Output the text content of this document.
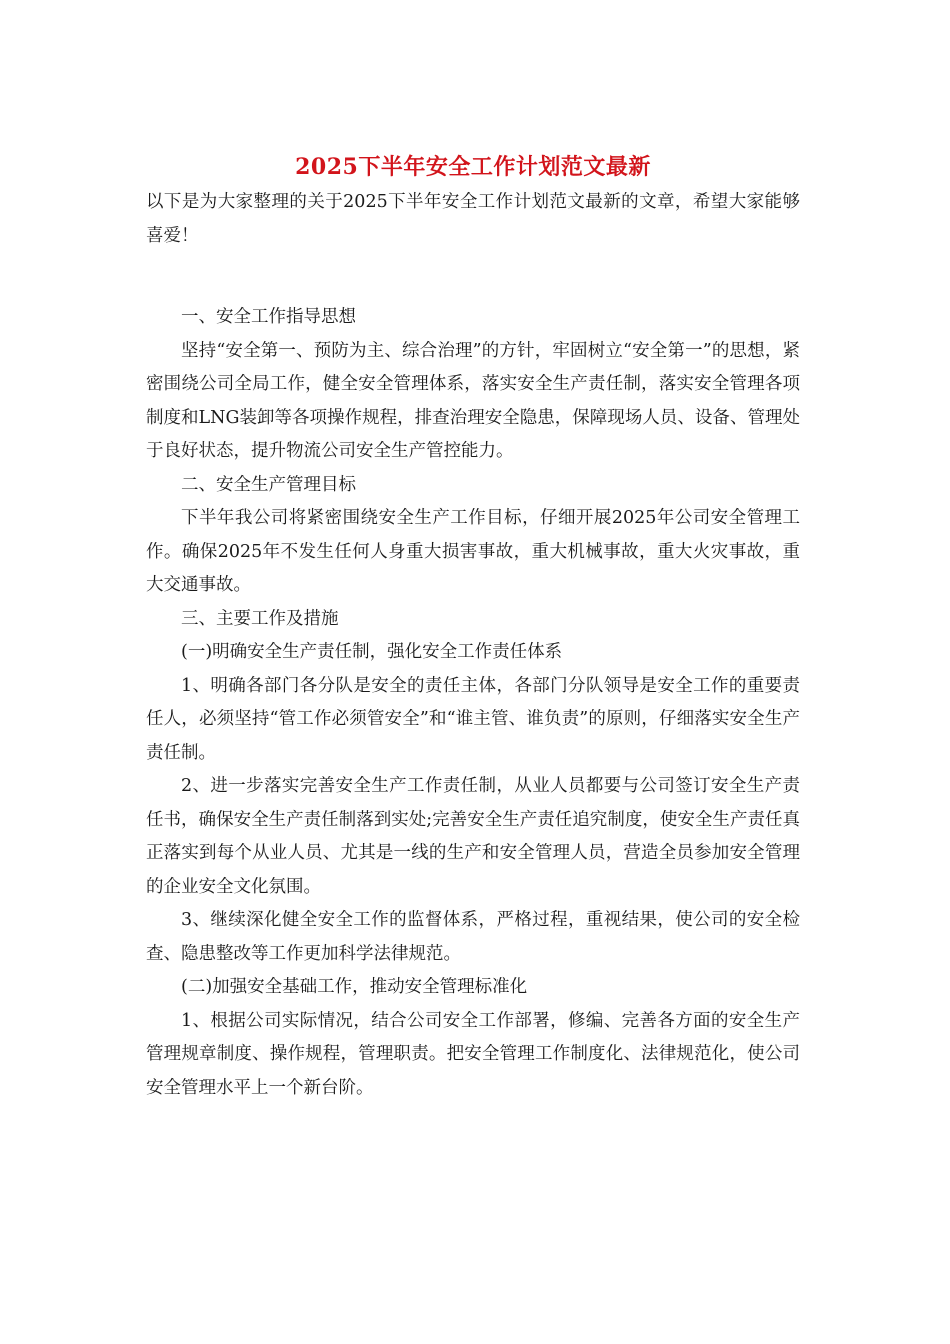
2025下半年安全工作计划范文最新

以下是为大家整理的关于2025下半年安全工作计划范文最新的文章，希望大家能够喜爱！

一、安全工作指导思想

坚持“安全第一、预防为主、综合治理”的方针，牢固树立“安全第一”的思想，紧密围绕公司全局工作，健全安全管理体系，落实安全生产责任制，落实安全管理各项制度和LNG装卸等各项操作规程，排查治理安全隐患，保障现场人员、设备、管理处于良好状态，提升物流公司安全生产管控能力。

二、安全生产管理目标

下半年我公司将紧密围绕安全生产工作目标，仔细开展2025年公司安全管理工作。确保2025年不发生任何人身重大损害事故，重大机械事故，重大火灾事故，重大交通事故。

三、主要工作及措施

(一)明确安全生产责任制，强化安全工作责任体系

1、明确各部门各分队是安全的责任主体，各部门分队领导是安全工作的重要责任人，必须坚持“管工作必须管安全”和“谁主管、谁负责”的原则，仔细落实安全生产责任制。

2、进一步落实完善安全生产工作责任制，从业人员都要与公司签订安全生产责任书，确保安全生产责任制落到实处;完善安全生产责任追究制度，使安全生产责任真正落实到每个从业人员、尤其是一线的生产和安全管理人员，营造全员参加安全管理的企业安全文化氛围。

3、继续深化健全安全工作的监督体系，严格过程，重视结果，使公司的安全检查、隐患整改等工作更加科学法律规范。

(二)加强安全基础工作，推动安全管理标准化

1、根据公司实际情况，结合公司安全工作部署，修编、完善各方面的安全生产管理规章制度、操作规程，管理职责。把安全管理工作制度化、法律规范化，使公司安全管理水平上一个新台阶。
